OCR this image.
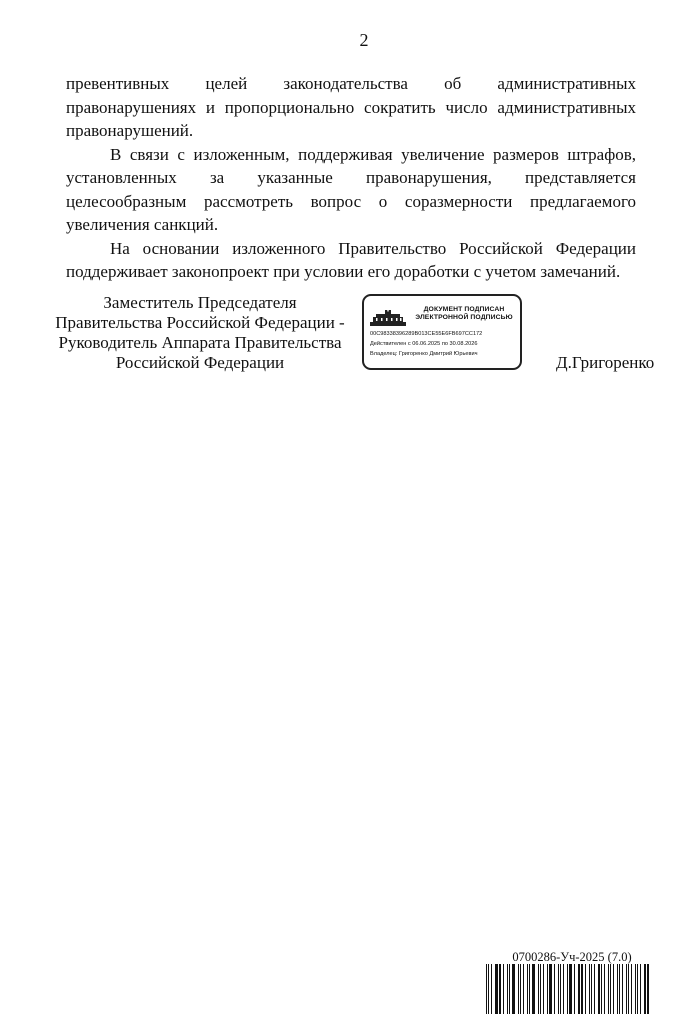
2

превентивных целей законодательства об административных правонарушениях и пропорционально сократить число административных правонарушений.

В связи с изложенным, поддерживая увеличение размеров штрафов, установленных за указанные правонарушения, представляется целесообразным рассмотреть вопрос о соразмерности предлагаемого увеличения санкций.

На основании изложенного Правительство Российской Федерации поддерживает законопроект при условии его доработки с учетом замечаний.

Заместитель Председателя
Правительства Российской Федерации -
Руководитель Аппарата Правительства
Российской Федерации
ДОКУМЕНТ ПОДПИСАН
ЭЛЕКТРОННОЙ ПОДПИСЬЮ
00C98338396289B013CE55E6FB697CC172
Действителен с 06.06.2025 по 30.08.2026
Владелец: Григоренко Дмитрий Юрьевич	Д.Григоренко
0700286-Уч-2025 (7.0)
